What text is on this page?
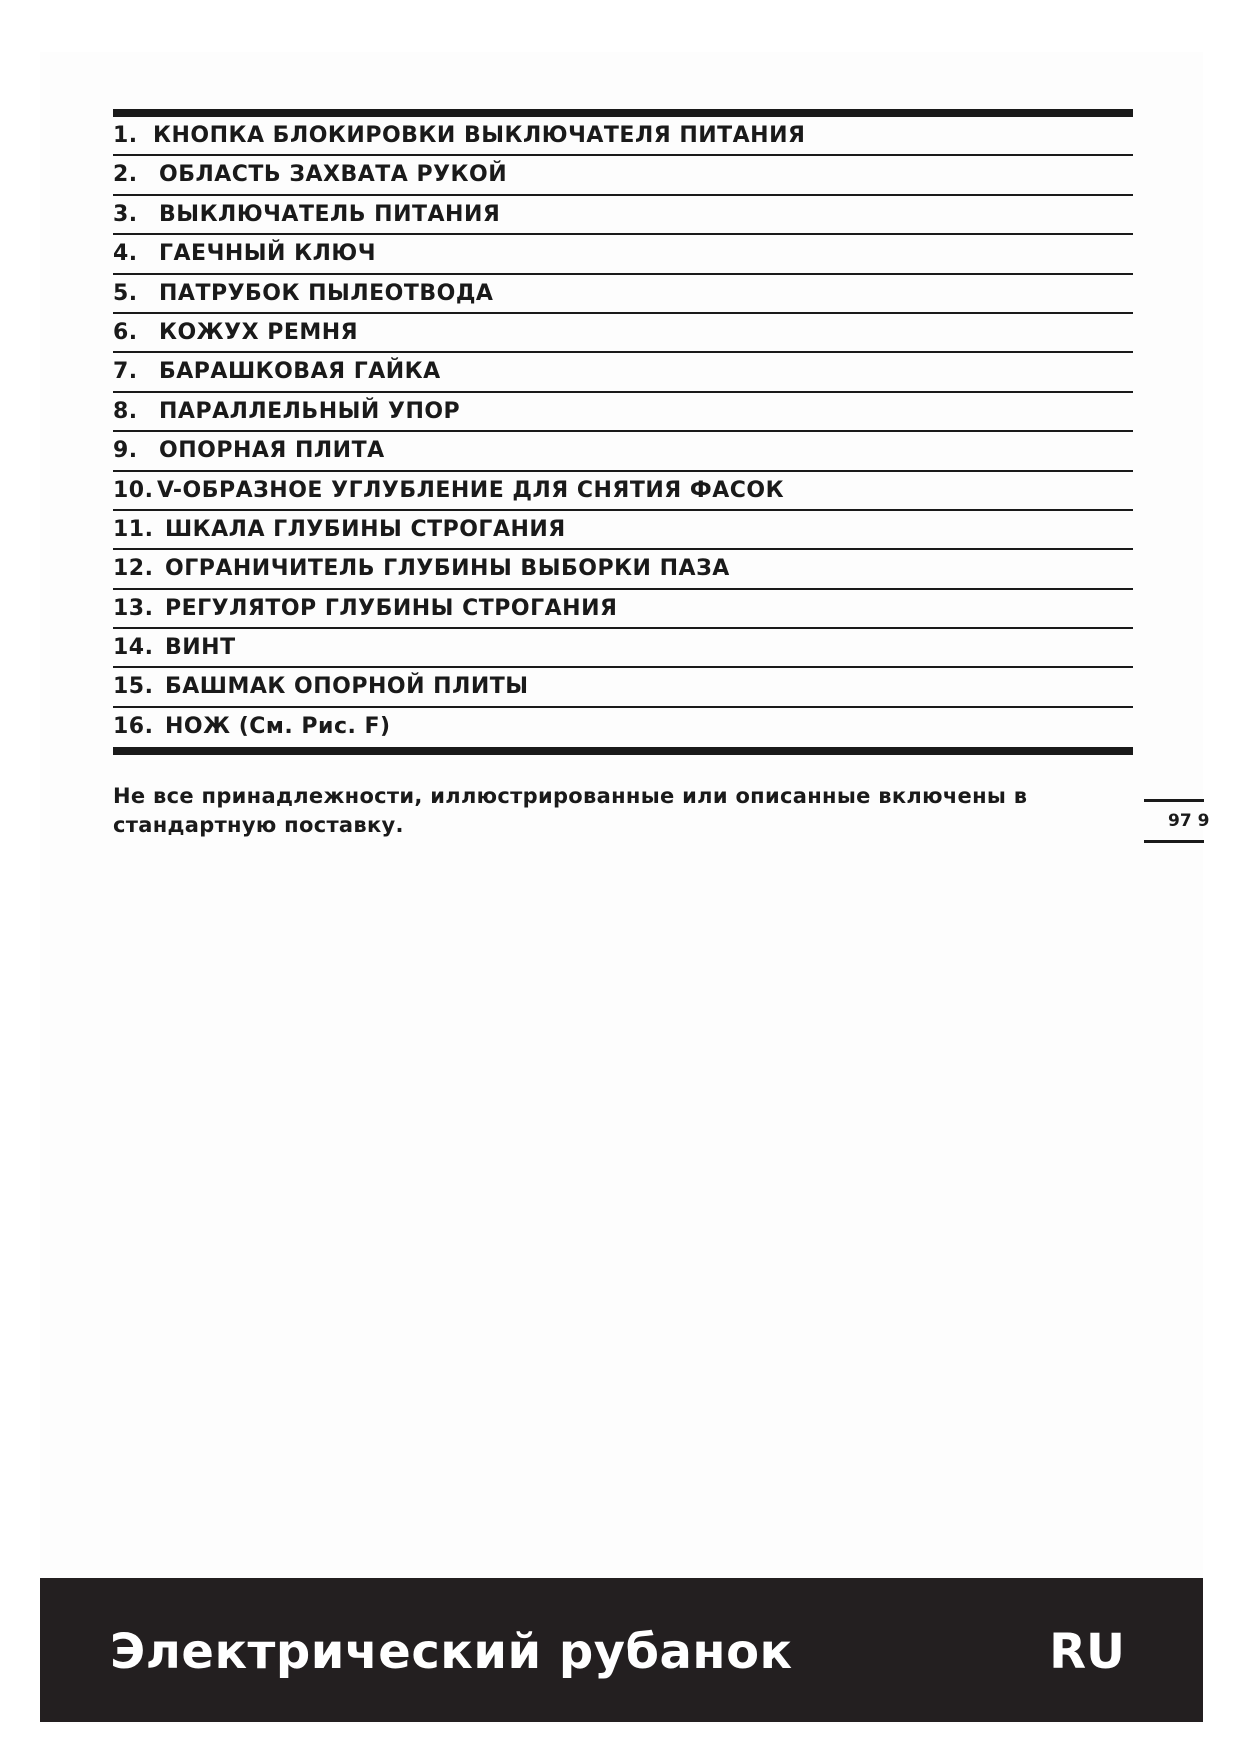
1. КНОПКА БЛОКИРОВКИ ВЫКЛЮЧАТЕЛЯ ПИТАНИЯ
2. ОБЛАСТЬ ЗАХВАТА РУКОЙ
3. ВЫКЛЮЧАТЕЛЬ ПИТАНИЯ
4. ГАЕЧНЫЙ КЛЮЧ
5. ПАТРУБОК ПЫЛЕОТВОДА
6. КОЖУХ РЕМНЯ
7. БАРАШКОВАЯ ГАЙКА
8. ПАРАЛЛЕЛЬНЫЙ УПОР
9. ОПОРНАЯ ПЛИТА
10. V-ОБРАЗНОЕ УГЛУБЛЕНИЕ ДЛЯ СНЯТИЯ ФАСОК
11. ШКАЛА ГЛУБИНЫ СТРОГАНИЯ
12. ОГРАНИЧИТЕЛЬ ГЛУБИНЫ ВЫБОРКИ ПАЗА
13. РЕГУЛЯТОР ГЛУБИНЫ СТРОГАНИЯ
14. ВИНТ
15. БАШМАК ОПОРНОЙ ПЛИТЫ
16. НОЖ (См. Рис. F)
Не все принадлежности, иллюстрированные или описанные включены в стандартную поставку.	97 9
Электрический рубанок	RU
